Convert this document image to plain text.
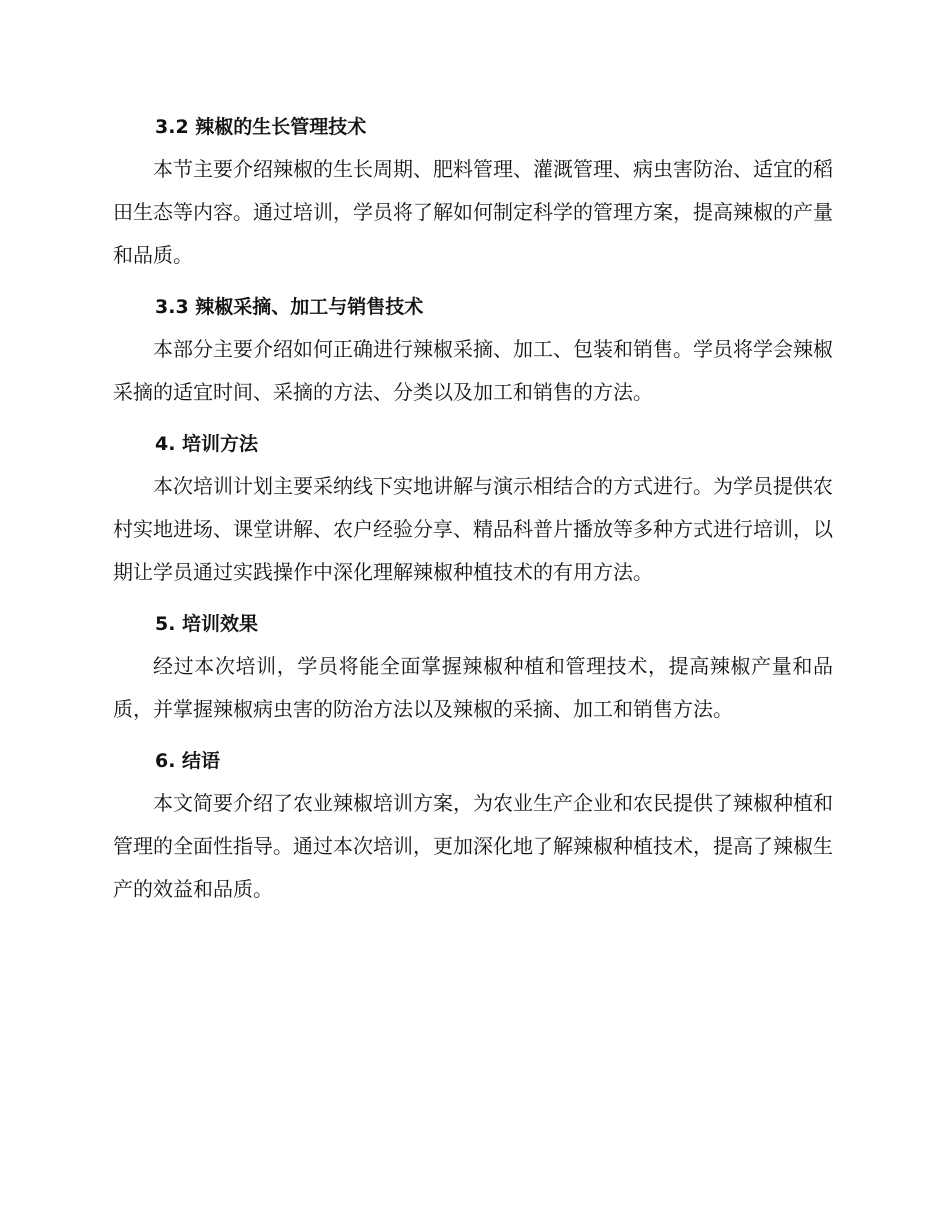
3.2 辣椒的生长管理技术

本节主要介绍辣椒的生长周期、肥料管理、灌溉管理、病虫害防治、适宜的稻田生态等内容。通过培训，学员将了解如何制定科学的管理方案，提高辣椒的产量和品质。

3.3 辣椒采摘、加工与销售技术

本部分主要介绍如何正确进行辣椒采摘、加工、包装和销售。学员将学会辣椒采摘的适宜时间、采摘的方法、分类以及加工和销售的方法。

4. 培训方法

本次培训计划主要采纳线下实地讲解与演示相结合的方式进行。为学员提供农村实地进场、课堂讲解、农户经验分享、精品科普片播放等多种方式进行培训，以期让学员通过实践操作中深化理解辣椒种植技术的有用方法。

5. 培训效果

经过本次培训，学员将能全面掌握辣椒种植和管理技术，提高辣椒产量和品质，并掌握辣椒病虫害的防治方法以及辣椒的采摘、加工和销售方法。

6. 结语

本文简要介绍了农业辣椒培训方案，为农业生产企业和农民提供了辣椒种植和管理的全面性指导。通过本次培训，更加深化地了解辣椒种植技术，提高了辣椒生产的效益和品质。
